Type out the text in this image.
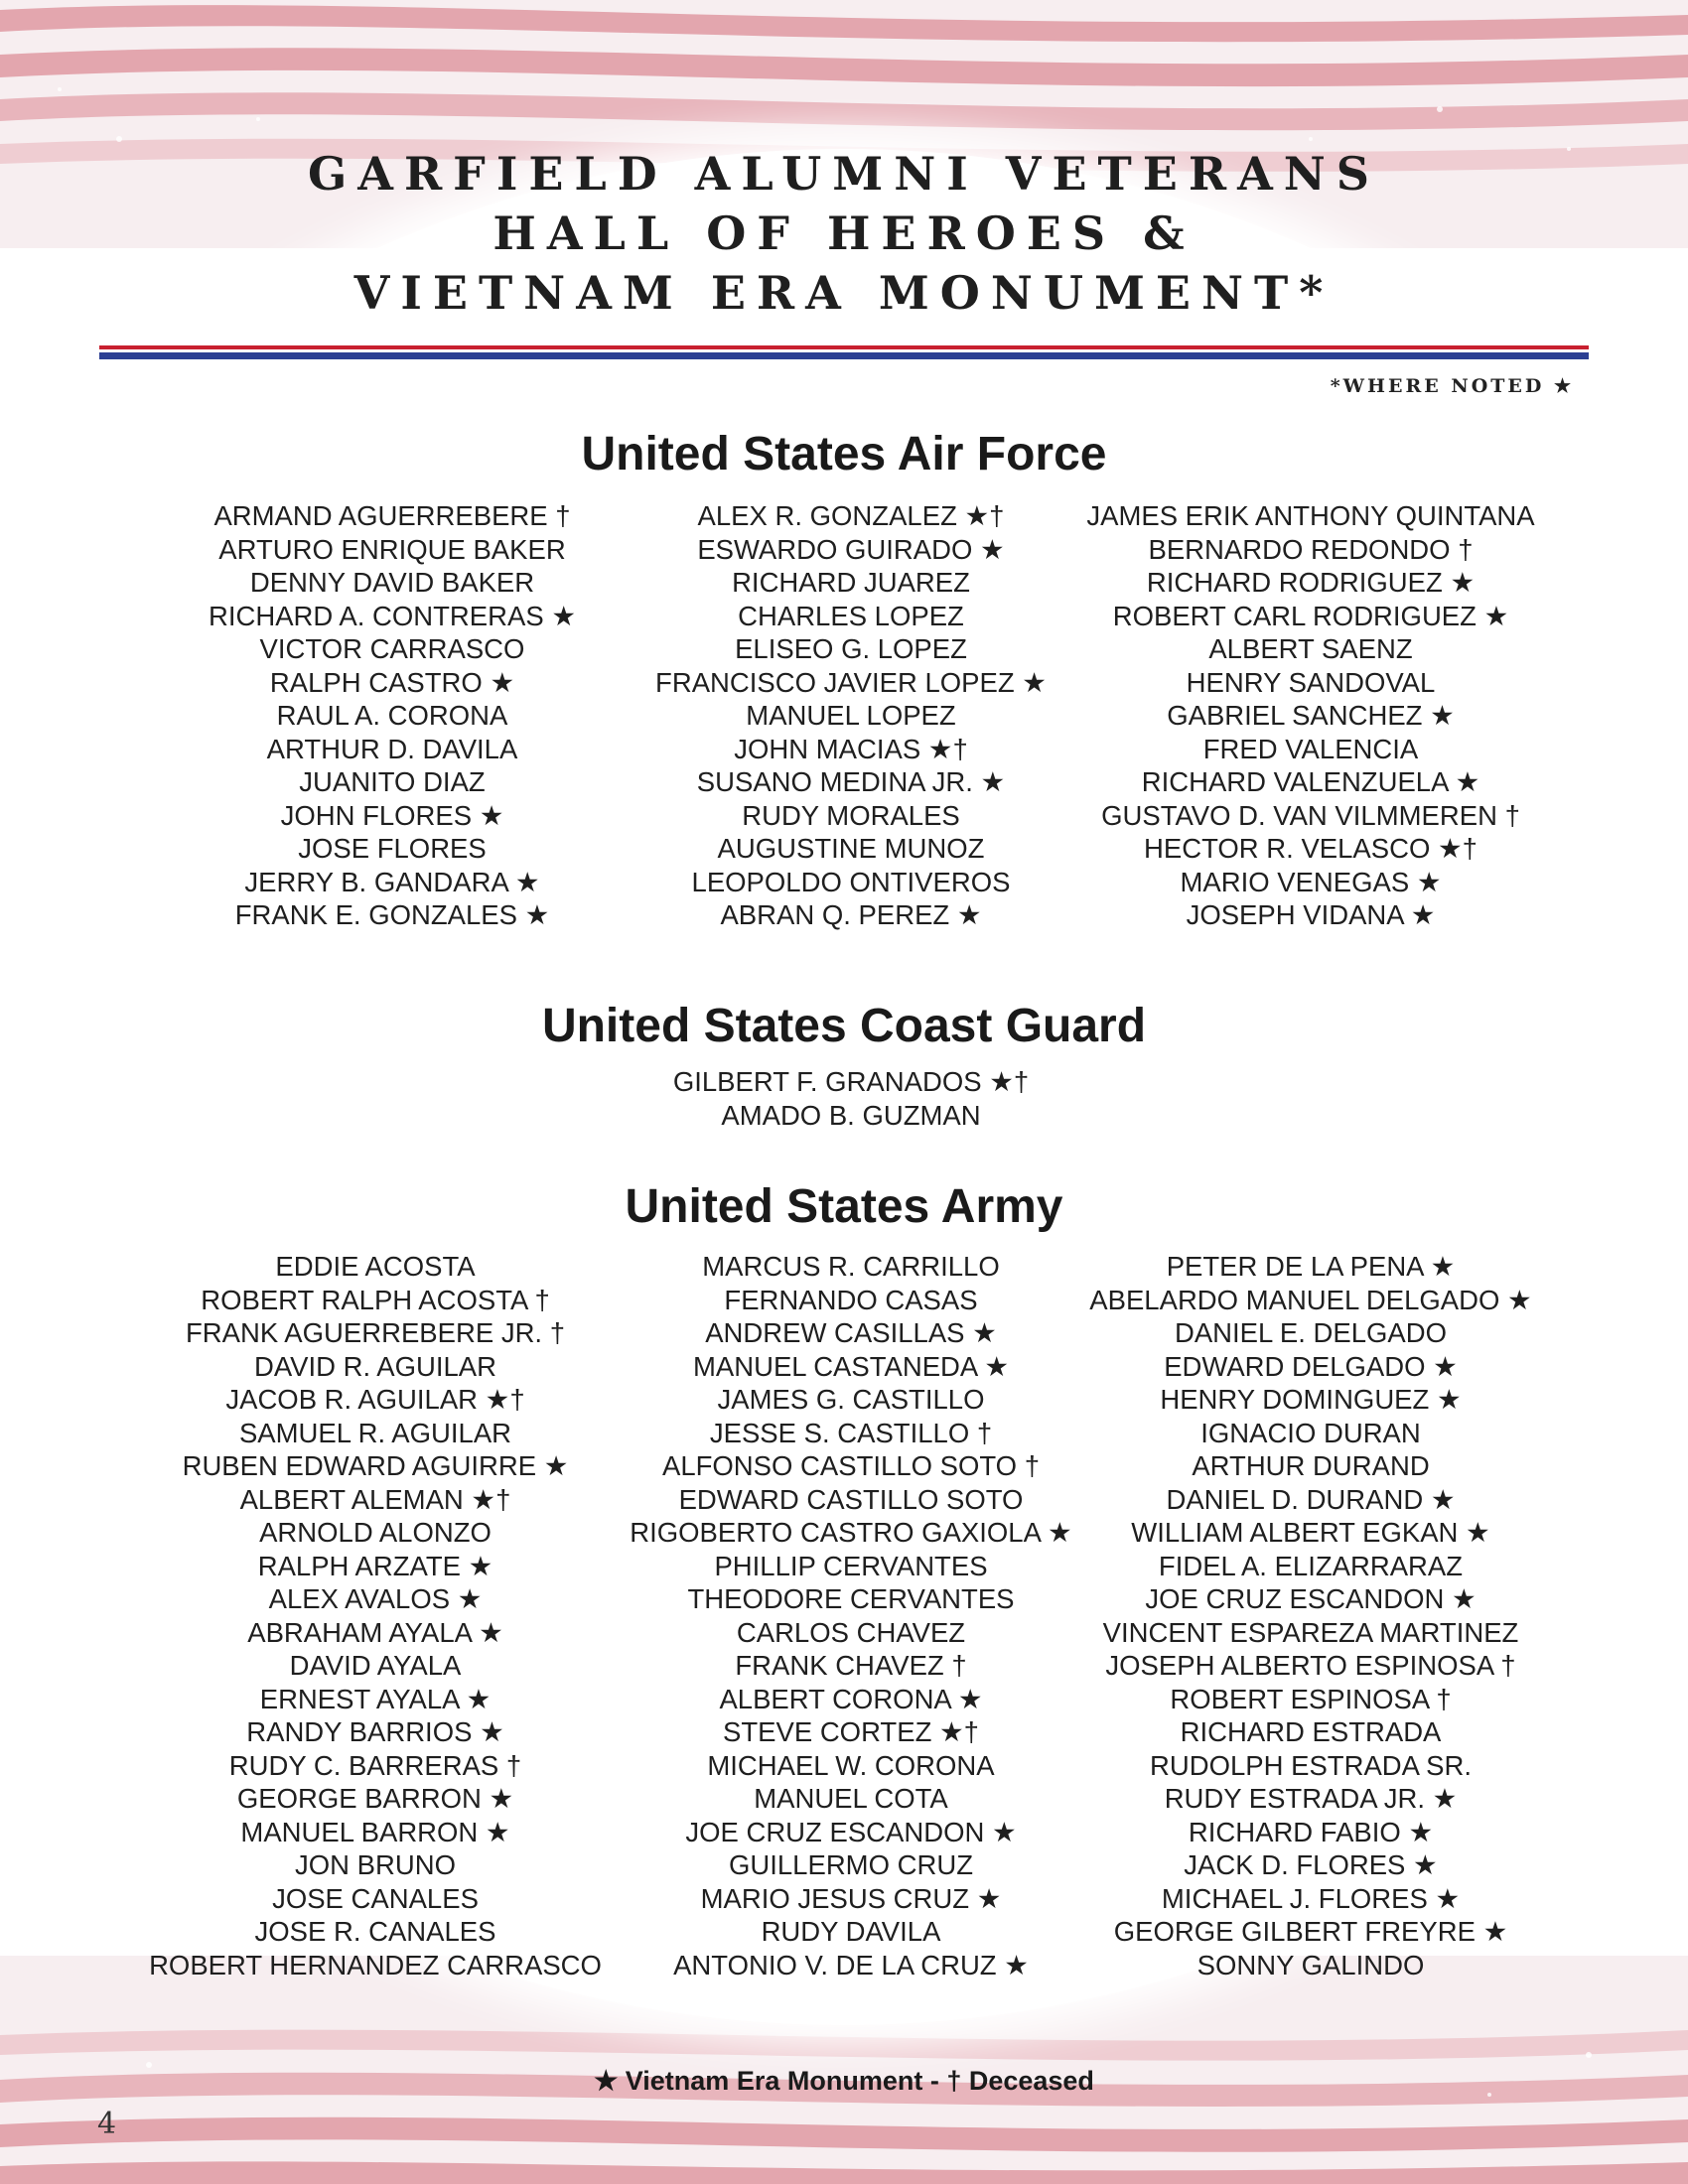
GARFIELD ALUMNI VETERANS
HALL OF HEROES &
VIETNAM ERA MONUMENT*
*WHERE NOTED ★
United States Air Force
ARMAND AGUERREBERE †
ARTURO ENRIQUE BAKER
DENNY DAVID BAKER
RICHARD A. CONTRERAS ★
VICTOR CARRASCO
RALPH CASTRO ★
RAUL A. CORONA
ARTHUR D. DAVILA
JUANITO DIAZ
JOHN FLORES ★
JOSE FLORES
JERRY B. GANDARA ★
FRANK E. GONZALES ★
ALEX R. GONZALEZ ★†
ESWARDO GUIRADO ★
RICHARD JUAREZ
CHARLES LOPEZ
ELISEO G. LOPEZ
FRANCISCO JAVIER LOPEZ ★
MANUEL LOPEZ
JOHN MACIAS ★†
SUSANO MEDINA JR. ★
RUDY MORALES
AUGUSTINE MUNOZ
LEOPOLDO ONTIVEROS
ABRAN Q. PEREZ ★
JAMES ERIK ANTHONY QUINTANA
BERNARDO REDONDO †
RICHARD RODRIGUEZ ★
ROBERT CARL RODRIGUEZ ★
ALBERT SAENZ
HENRY SANDOVAL
GABRIEL SANCHEZ ★
FRED VALENCIA
RICHARD VALENZUELA ★
GUSTAVO D. VAN VILMMEREN †
HECTOR R. VELASCO ★†
MARIO VENEGAS ★
JOSEPH VIDANA ★
United States Coast Guard
GILBERT F. GRANADOS ★†
AMADO B. GUZMAN
United States Army
EDDIE ACOSTA
ROBERT RALPH ACOSTA †
FRANK AGUERREBERE JR. †
DAVID R. AGUILAR
JACOB R. AGUILAR ★†
SAMUEL R. AGUILAR
RUBEN EDWARD AGUIRRE ★
ALBERT ALEMAN ★†
ARNOLD ALONZO
RALPH ARZATE ★
ALEX AVALOS ★
ABRAHAM AYALA ★
DAVID AYALA
ERNEST AYALA ★
RANDY BARRIOS ★
RUDY C. BARRERAS †
GEORGE BARRON ★
MANUEL BARRON ★
JON BRUNO
JOSE CANALES
JOSE R. CANALES
ROBERT HERNANDEZ CARRASCO
MARCUS R. CARRILLO
FERNANDO CASAS
ANDREW CASILLAS ★
MANUEL CASTANEDA ★
JAMES G. CASTILLO
JESSE S. CASTILLO †
ALFONSO CASTILLO SOTO †
EDWARD CASTILLO SOTO
RIGOBERTO CASTRO GAXIOLA ★
PHILLIP CERVANTES
THEODORE CERVANTES
CARLOS CHAVEZ
FRANK CHAVEZ †
ALBERT CORONA ★
STEVE CORTEZ ★†
MICHAEL W. CORONA
MANUEL COTA
JOE CRUZ ESCANDON ★
GUILLERMO CRUZ
MARIO JESUS CRUZ ★
RUDY DAVILA
ANTONIO V. DE LA CRUZ ★
PETER DE LA PENA ★
ABELARDO MANUEL DELGADO ★
DANIEL E. DELGADO
EDWARD DELGADO ★
HENRY DOMINGUEZ ★
IGNACIO DURAN
ARTHUR DURAND
DANIEL D. DURAND ★
WILLIAM ALBERT EGKAN ★
FIDEL A. ELIZARRARAZ
JOE CRUZ ESCANDON ★
VINCENT ESPAREZA MARTINEZ
JOSEPH ALBERTO ESPINOSA †
ROBERT ESPINOSA †
RICHARD ESTRADA
RUDOLPH ESTRADA SR.
RUDY ESTRADA JR. ★
RICHARD FABIO ★
JACK D. FLORES ★
MICHAEL J. FLORES ★
GEORGE GILBERT FREYRE ★
SONNY GALINDO
★ Vietnam Era Monument - † Deceased
4
